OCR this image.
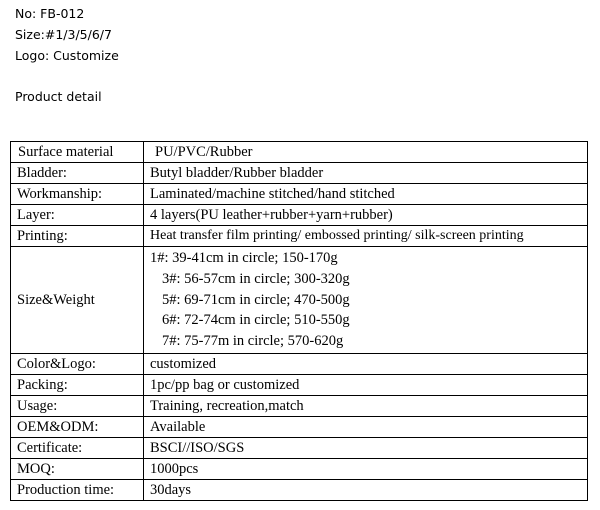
No: FB-012
Size:#1/3/5/6/7
Logo: Customize
Product detail
Surface material	PU/PVC/Rubber
Bladder:	Butyl bladder/Rubber bladder
Workmanship:	Laminated/machine stitched/hand stitched
Layer:	4 layers(PU leather+rubber+yarn+rubber)
Printing:	Heat transfer film printing/ embossed printing/ silk-screen printing
Size&Weight	1#: 39-41cm in circle; 150-170g
3#: 56-57cm in circle; 300-320g
5#: 69-71cm in circle; 470-500g
6#: 72-74cm in circle; 510-550g
7#: 75-77m in circle; 570-620g

Color&Logo:	customized
Packing:	1pc/pp bag or customized
Usage:	Training, recreation,match
OEM&ODM:	Available
Certificate:	BSCI//ISO/SGS
MOQ:	1000pcs
Production time:	30days
